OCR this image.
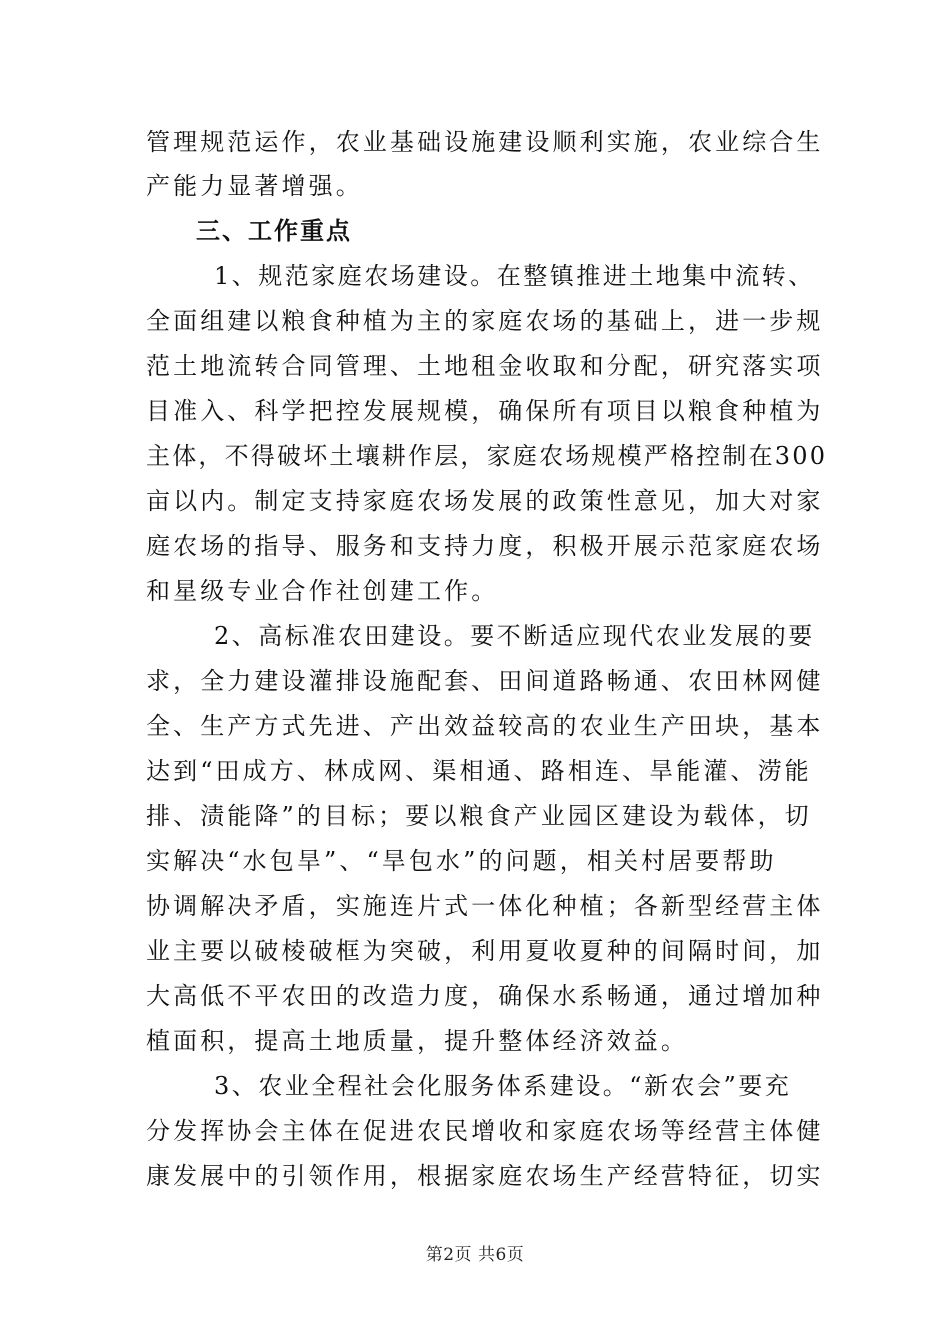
管理规范运作，农业基础设施建设顺利实施，农业综合生
产能力显著增强。
三、工作重点
1、规范家庭农场建设。在整镇推进土地集中流转、
全面组建以粮食种植为主的家庭农场的基础上，进一步规
范土地流转合同管理、土地租金收取和分配，研究落实项
目准入、科学把控发展规模，确保所有项目以粮食种植为
主体，不得破坏土壤耕作层，家庭农场规模严格控制在300
亩以内。制定支持家庭农场发展的政策性意见，加大对家
庭农场的指导、服务和支持力度，积极开展示范家庭农场
和星级专业合作社创建工作。
2、高标准农田建设。要不断适应现代农业发展的要
求，全力建设灌排设施配套、田间道路畅通、农田林网健
全、生产方式先进、产出效益较高的农业生产田块，基本
达到“田成方、林成网、渠相通、路相连、旱能灌、涝能
排、渍能降”的目标；要以粮食产业园区建设为载体，切
实解决“水包旱”、“旱包水”的问题，相关村居要帮助
协调解决矛盾，实施连片式一体化种植；各新型经营主体
业主要以破棱破框为突破，利用夏收夏种的间隔时间，加
大高低不平农田的改造力度，确保水系畅通，通过增加种
植面积，提高土地质量，提升整体经济效益。
3、农业全程社会化服务体系建设。“新农会”要充
分发挥协会主体在促进农民增收和家庭农场等经营主体健
康发展中的引领作用，根据家庭农场生产经营特征，切实
第2页 共6页
